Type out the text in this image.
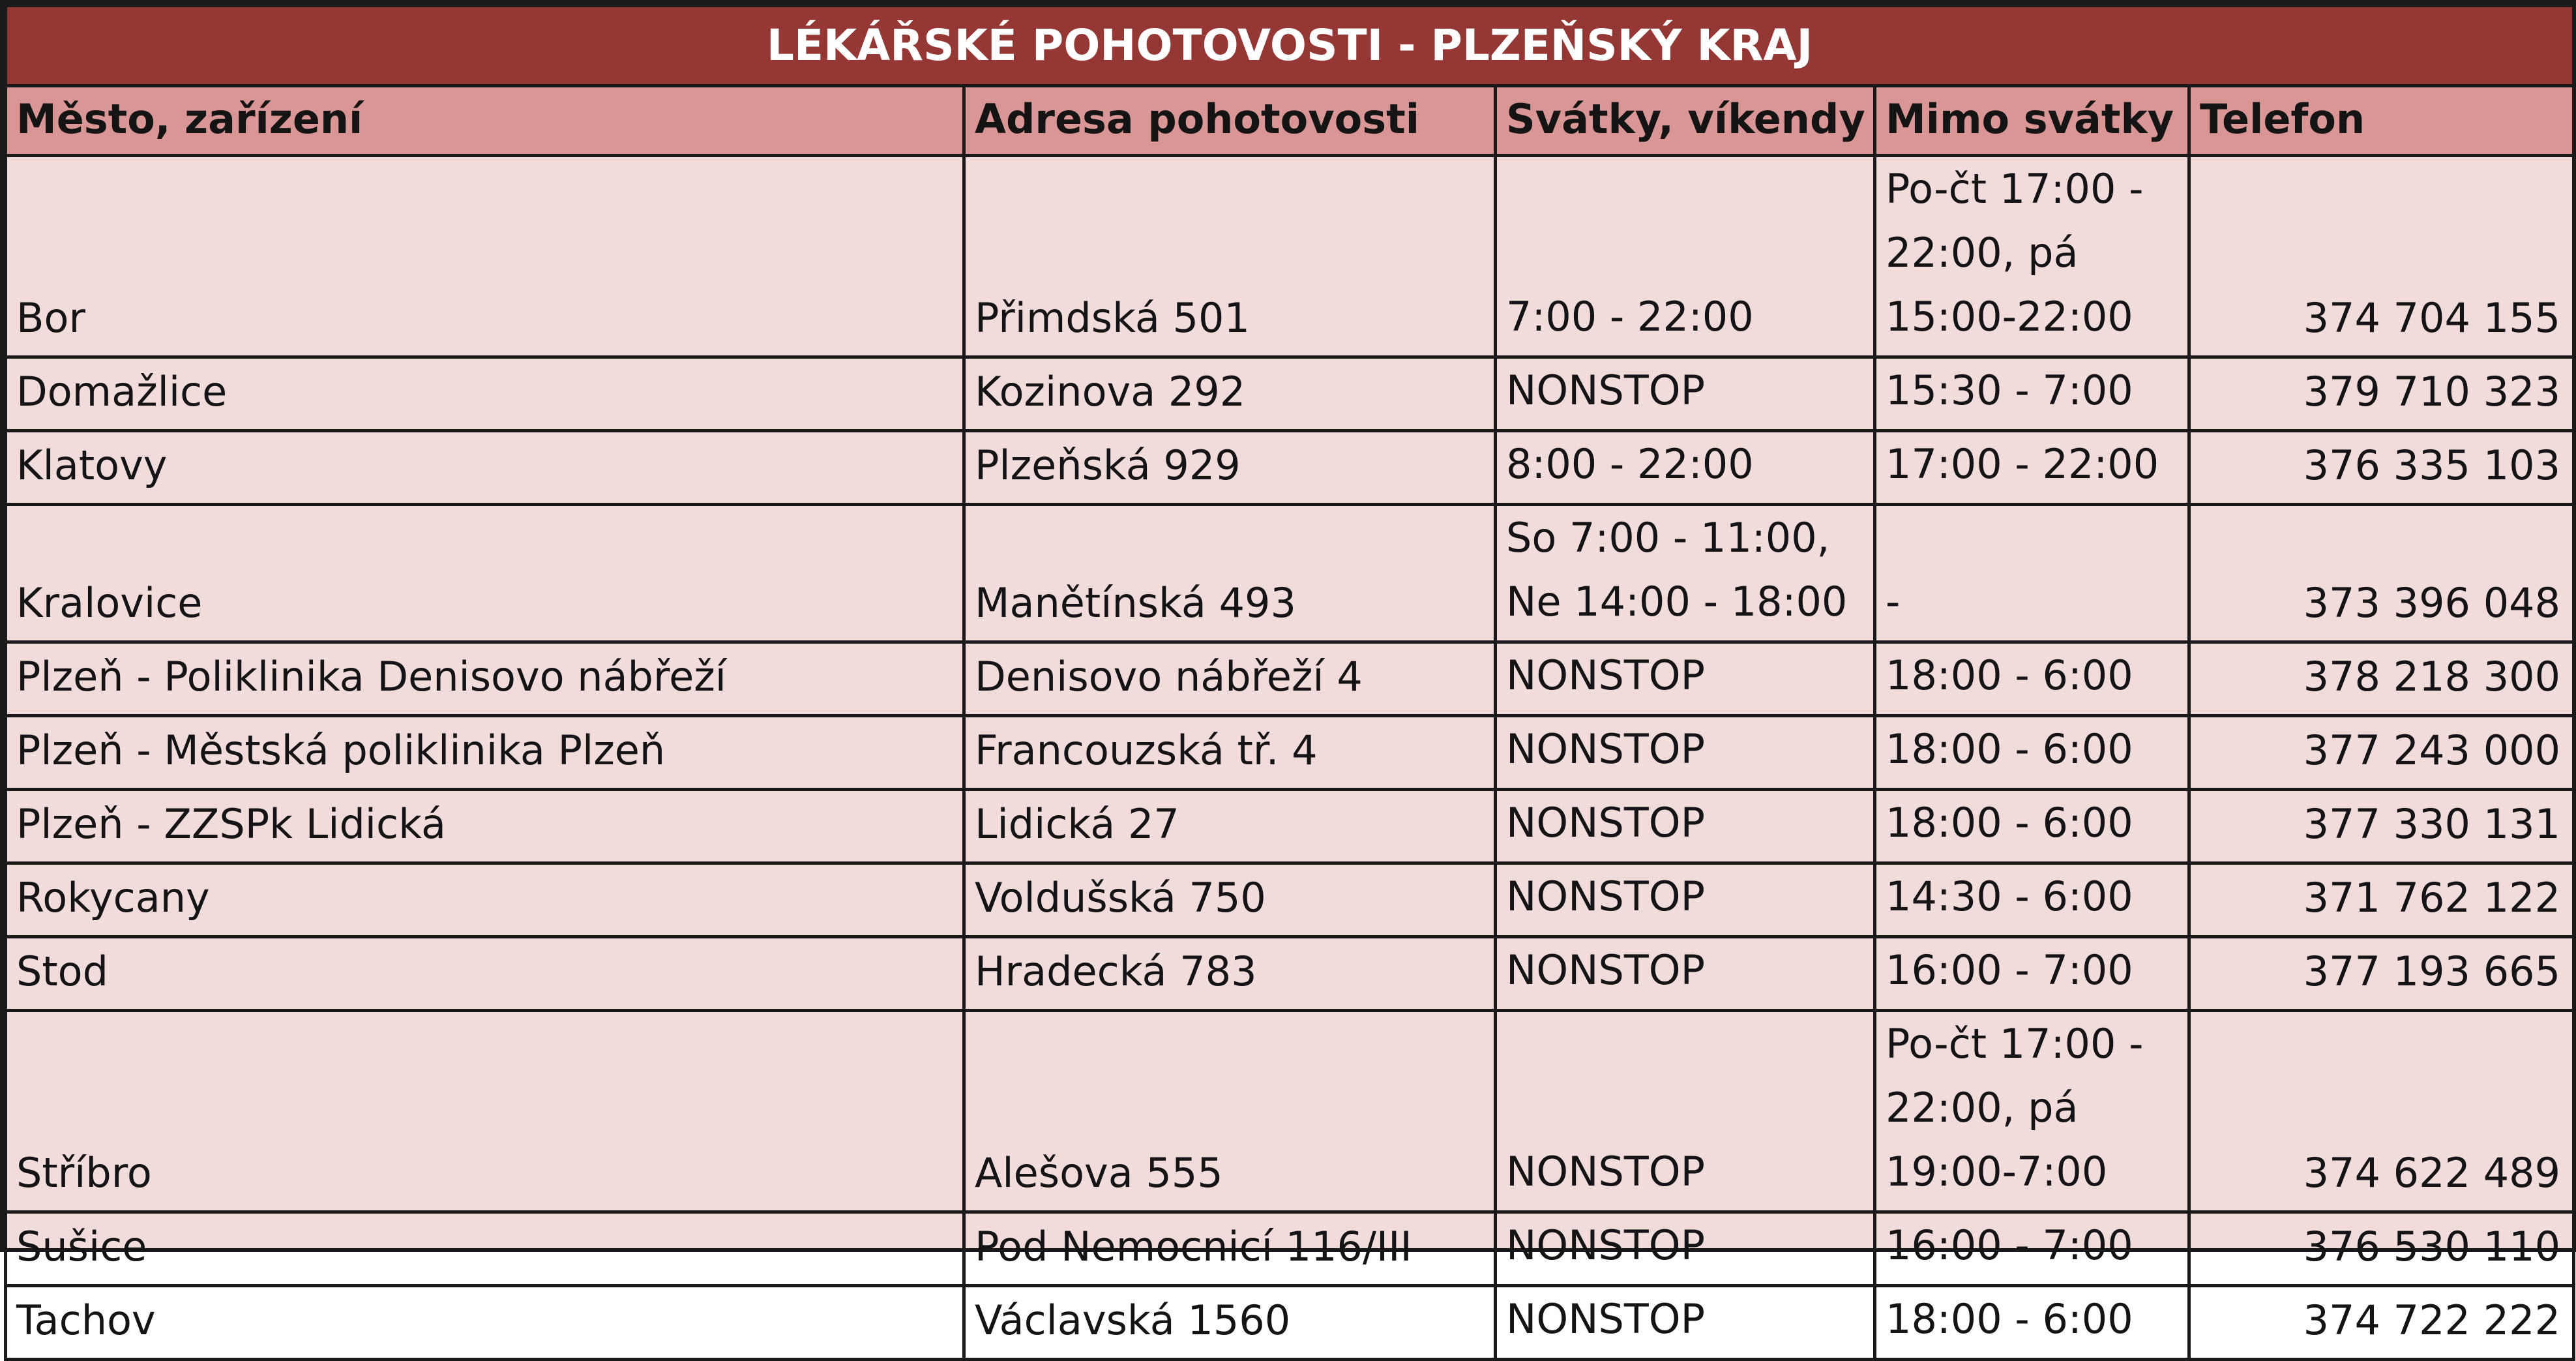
LÉKÁŘSKÉ POHOTOVOSTI - PLZEŇSKÝ KRAJ				
Město, zařízení	Adresa pohotovosti	Svátky, víkendy	Mimo svátky	Telefon
Bor	Přimdská 501	7:00 - 22:00	Po-čt 17:00 -
22:00, pá
15:00-22:00	374 704 155
Domažlice	Kozinova 292	NONSTOP	15:30 - 7:00	379 710 323
Klatovy	Plzeňská 929	8:00 - 22:00	17:00 - 22:00	376 335 103
Kralovice	Manětínská 493	So 7:00 - 11:00,
Ne 14:00 - 18:00	-	373 396 048
Plzeň - Poliklinika Denisovo nábřeží	Denisovo nábřeží 4	NONSTOP	18:00 - 6:00	378 218 300
Plzeň - Městská poliklinika Plzeň	Francouzská tř. 4	NONSTOP	18:00 - 6:00	377 243 000
Plzeň - ZZSPk Lidická	Lidická 27	NONSTOP	18:00 - 6:00	377 330 131
Rokycany	Voldušská 750	NONSTOP	14:30 - 6:00	371 762 122
Stod	Hradecká 783	NONSTOP	16:00 - 7:00	377 193 665
Stříbro	Alešova 555	NONSTOP	Po-čt 17:00 -
22:00, pá
19:00-7:00	374 622 489
Sušice	Pod Nemocnicí 116/III	NONSTOP	16:00 - 7:00	376 530 110
Tachov	Václavská 1560	NONSTOP	18:00 - 6:00	374 722 222
